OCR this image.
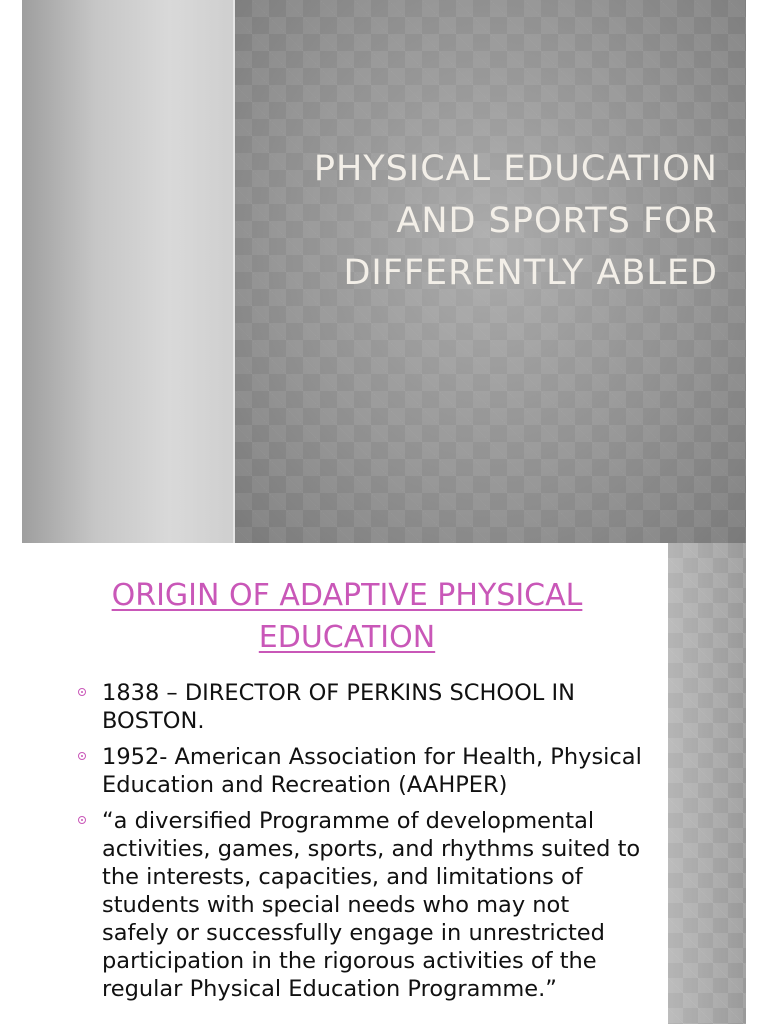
PHYSICAL EDUCATION
AND SPORTS FOR
DIFFERENTLY ABLED
ORIGIN OF ADAPTIVE PHYSICAL
EDUCATION
1838 – DIRECTOR OF PERKINS SCHOOL IN BOSTON.
1952- American Association for Health, Physical Education and Recreation (AAHPER)
“a diversified Programme of developmental activities, games, sports, and rhythms suited to the interests, capacities, and limitations of students with special needs who may not safely or successfully engage in unrestricted participation in the rigorous activities of the regular Physical Education Programme.”
